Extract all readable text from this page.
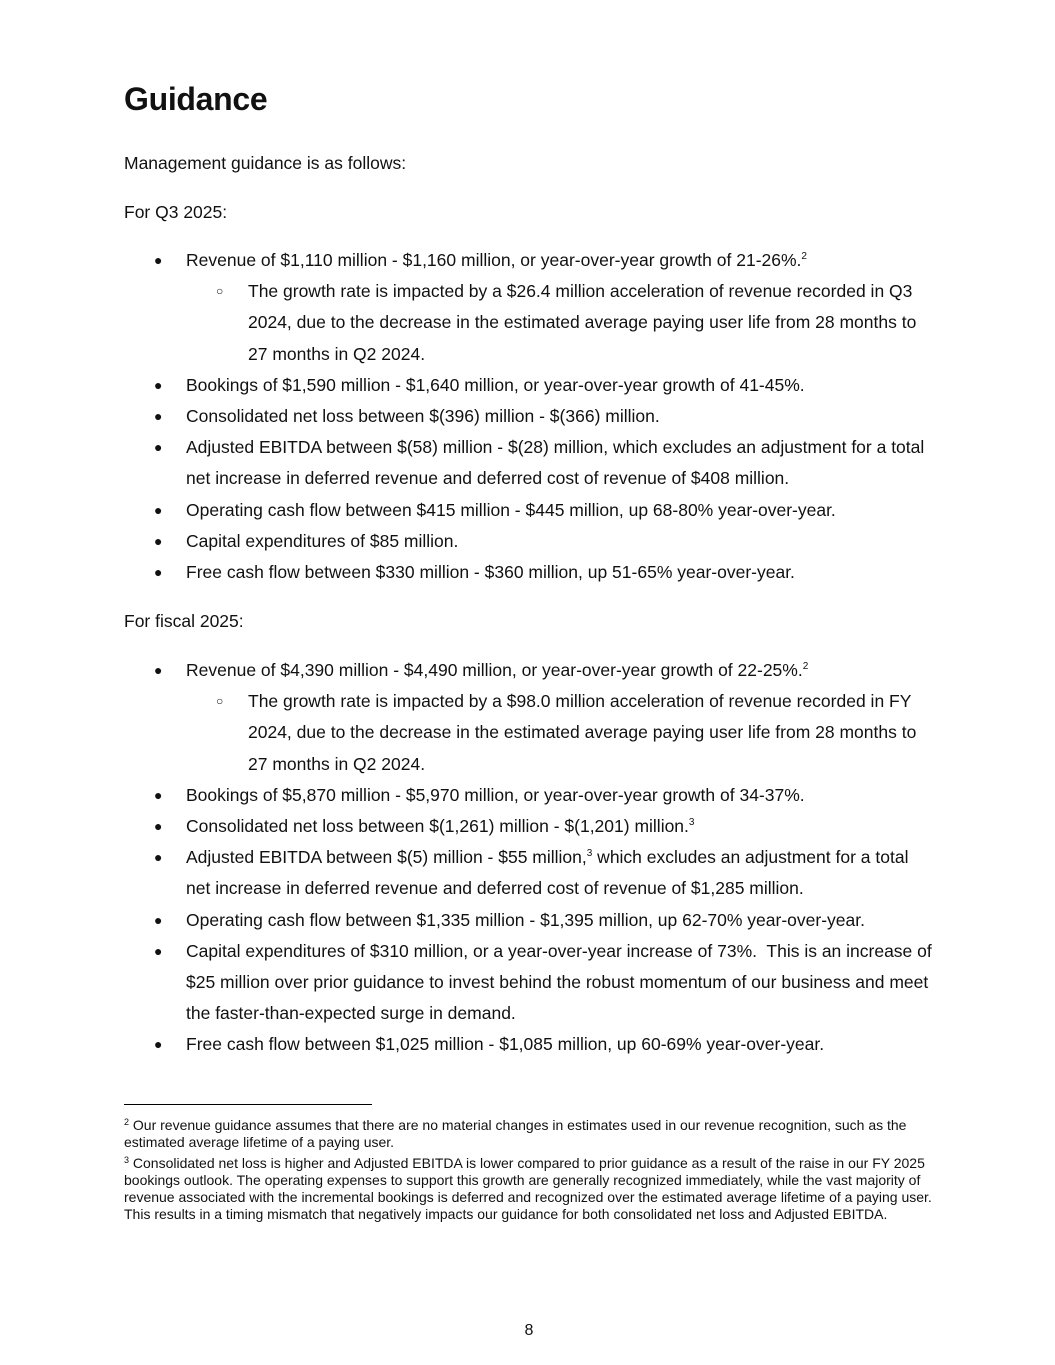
Guidance

Management guidance is as follows:

For Q3 2025:

● Revenue of $1,110 million - $1,160 million, or year-over-year growth of 21-26%.$^2$
○ The growth rate is impacted by a $26.4 million acceleration of revenue recorded in Q3 2024, due to the decrease in the estimated average paying user life from 28 months to 27 months in Q2 2024.
● Bookings of $1,590 million - $1,640 million, or year-over-year growth of 41-45%.
● Consolidated net loss between $(396) million - $(366) million.
● Adjusted EBITDA between $(58) million - $(28) million, which excludes an adjustment for a total net increase in deferred revenue and deferred cost of revenue of $408 million.
● Operating cash flow between $415 million - $445 million, up 68-80% year-over-year.
● Capital expenditures of $85 million.
● Free cash flow between $330 million - $360 million, up 51-65% year-over-year.

For fiscal 2025:

● Revenue of $4,390 million - $4,490 million, or year-over-year growth of 22-25%.$^2$
○ The growth rate is impacted by a $98.0 million acceleration of revenue recorded in FY 2024, due to the decrease in the estimated average paying user life from 28 months to 27 months in Q2 2024.
● Bookings of $5,870 million - $5,970 million, or year-over-year growth of 34-37%.
● Consolidated net loss between $(1,261) million - $(1,201) million.$^3$
● Adjusted EBITDA between $(5) million - $55 million,$^3$ which excludes an adjustment for a total net increase in deferred revenue and deferred cost of revenue of $1,285 million.
● Operating cash flow between $1,335 million - $1,395 million, up 62-70% year-over-year.
● Capital expenditures of $310 million, or a year-over-year increase of 73%.  This is an increase of $25 million over prior guidance to invest behind the robust momentum of our business and meet the faster-than-expected surge in demand.
● Free cash flow between $1,025 million - $1,085 million, up 60-69% year-over-year.

$^2$ Our revenue guidance assumes that there are no material changes in estimates used in our revenue recognition, such as the estimated average lifetime of a paying user.

$^3$ Consolidated net loss is higher and Adjusted EBITDA is lower compared to prior guidance as a result of the raise in our FY 2025 bookings outlook. The operating expenses to support this growth are generally recognized immediately, while the vast majority of revenue associated with the incremental bookings is deferred and recognized over the estimated average lifetime of a paying user. This results in a timing mismatch that negatively impacts our guidance for both consolidated net loss and Adjusted EBITDA.

8
